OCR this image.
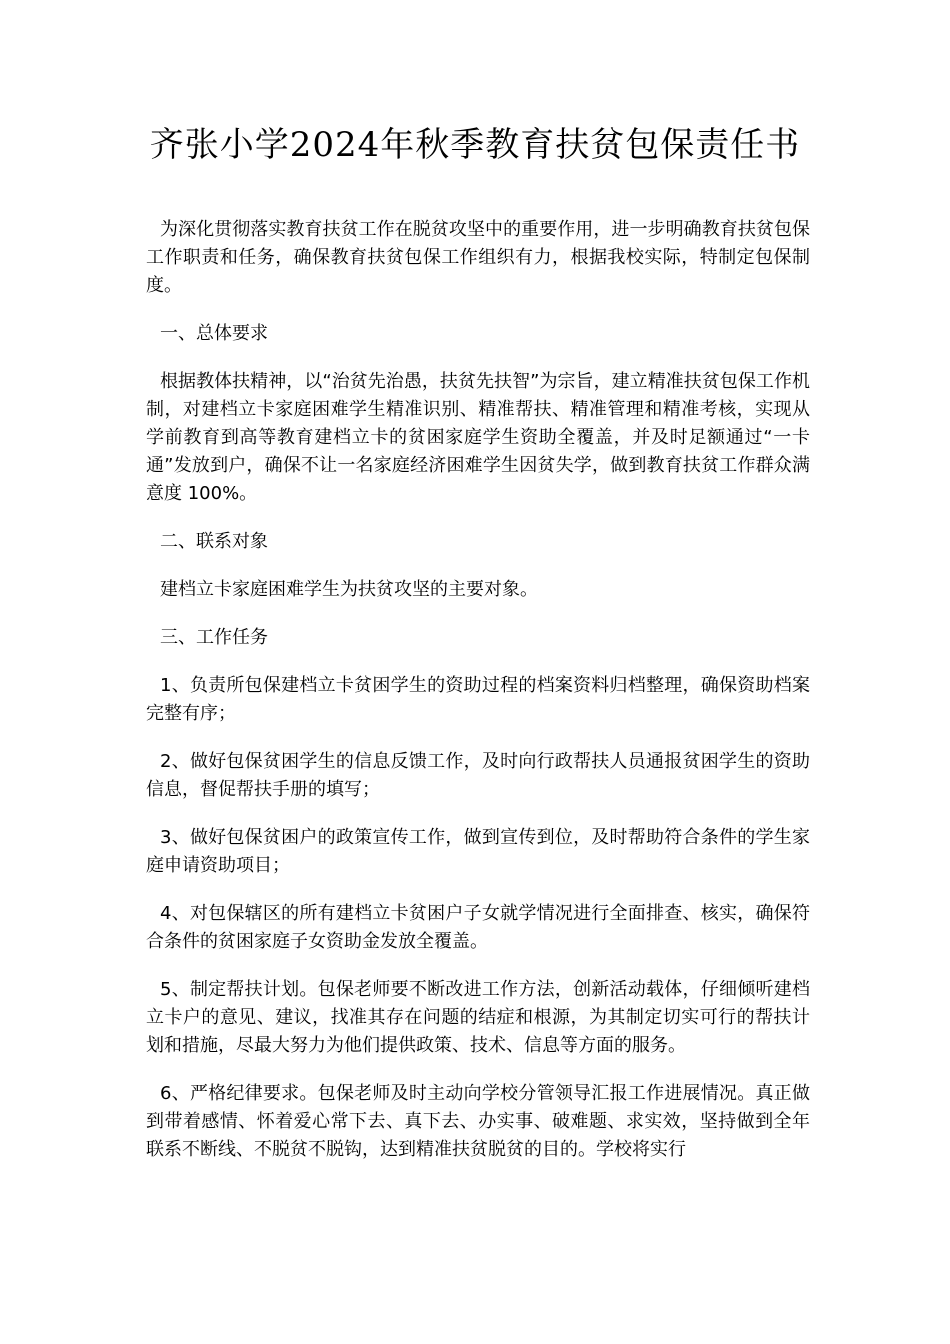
齐张小学2024年秋季教育扶贫包保责任书

为深化贯彻落实教育扶贫工作在脱贫攻坚中的重要作用，进一步明确教育扶贫包保工作职责和任务，确保教育扶贫包保工作组织有力，根据我校实际，特制定包保制度。

一、总体要求

根据教体扶精神，以“治贫先治愚，扶贫先扶智”为宗旨，建立精准扶贫包保工作机制，对建档立卡家庭困难学生精准识别、精准帮扶、精准管理和精准考核，实现从学前教育到高等教育建档立卡的贫困家庭学生资助全覆盖，并及时足额通过“一卡通”发放到户，确保不让一名家庭经济困难学生因贫失学，做到教育扶贫工作群众满意度 100%。

二、联系对象

建档立卡家庭困难学生为扶贫攻坚的主要对象。

三、工作任务

1、负责所包保建档立卡贫困学生的资助过程的档案资料归档整理，确保资助档案完整有序；

2、做好包保贫困学生的信息反馈工作，及时向行政帮扶人员通报贫困学生的资助信息，督促帮扶手册的填写；

3、做好包保贫困户的政策宣传工作，做到宣传到位，及时帮助符合条件的学生家庭申请资助项目；

4、对包保辖区的所有建档立卡贫困户子女就学情况进行全面排查、核实，确保符合条件的贫困家庭子女资助金发放全覆盖。

5、制定帮扶计划。包保老师要不断改进工作方法，创新活动载体，仔细倾听建档立卡户的意见、建议，找准其存在问题的结症和根源，为其制定切实可行的帮扶计划和措施，尽最大努力为他们提供政策、技术、信息等方面的服务。

6、严格纪律要求。包保老师及时主动向学校分管领导汇报工作进展情况。真正做到带着感情、怀着爱心常下去、真下去、办实事、破难题、求实效，坚持做到全年联系不断线、不脱贫不脱钩，达到精准扶贫脱贫的目的。学校将实行
